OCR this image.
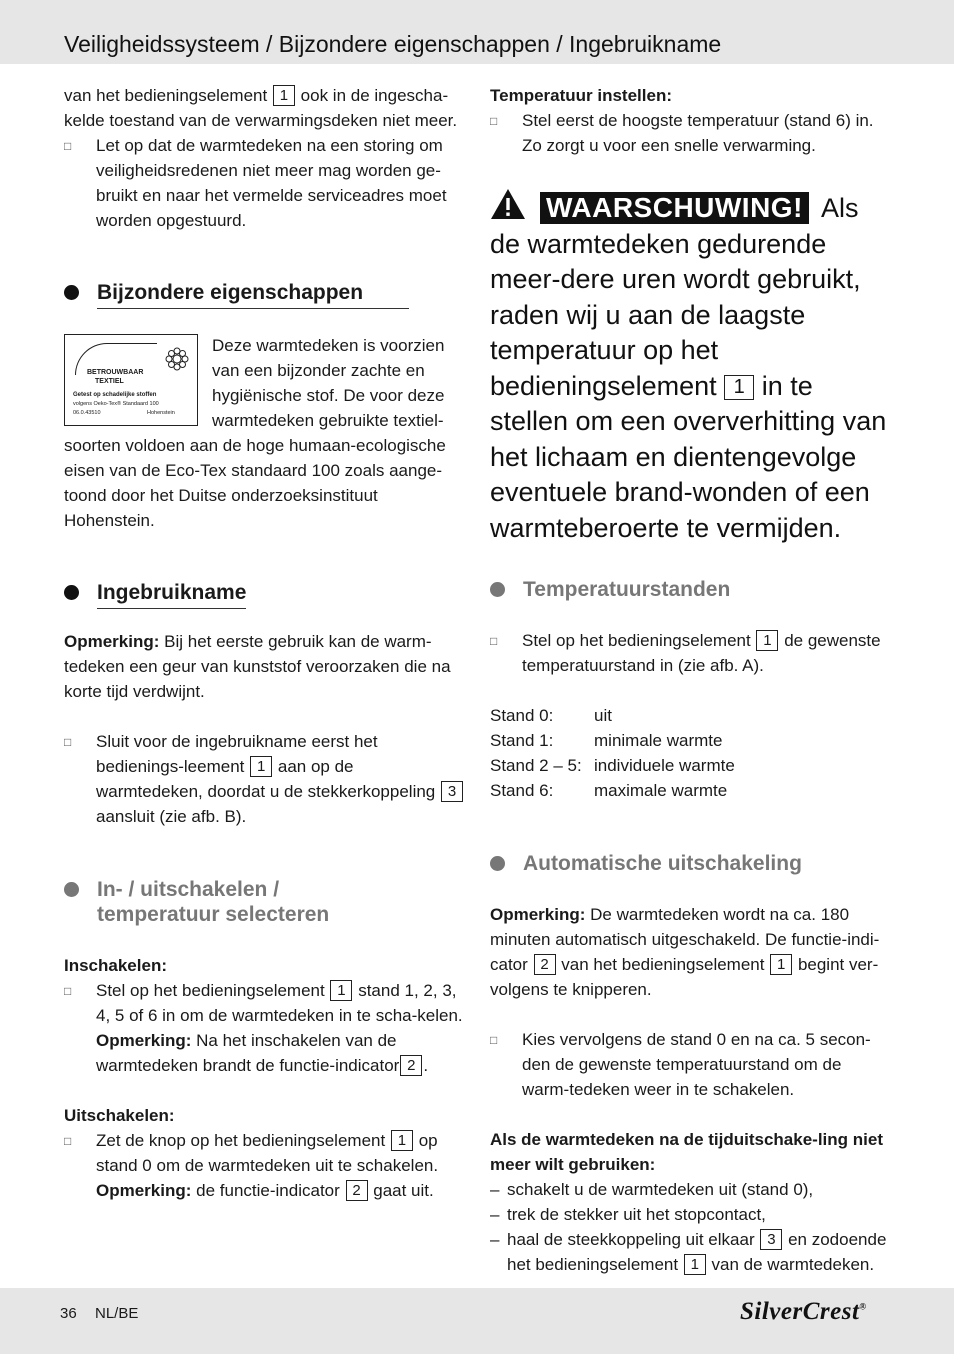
Veiligheidssysteem / Bijzondere eigenschappen / Ingebruikname

van het bedieningselement 1 ook in de ingescha-kelde toestand van de verwarmingsdeken niet meer.

□	Let op dat de warmtedeken na een storing om veiligheidsredenen niet meer mag worden ge-bruikt en naar het vermelde serviceadres moet worden opgestuurd.
Bijzondere eigenschappen
BETROUWBAAR
TEXTIEL
Getest op schadelijke stoffen
volgens Oeko-Tex® Standaard 100
06.0.43510	Hohenstein

Deze warmtedeken is voorzien van een bijzonder zachte en hygiënische stof. De voor deze warmtedeken gebruikte textiel-

soorten voldoen aan de hoge humaan-ecologische eisen van de Eco-Tex standaard 100 zoals aange-toond door het Duitse onderzoeksinstituut Hohenstein.

Ingebruikname

Opmerking: Bij het eerste gebruik kan de warm-tedeken een geur van kunststof veroorzaken die na korte tijd verdwijnt.

□	Sluit voor de ingebruikname eerst het bedienings-leement 1 aan op de warmtedeken, doordat u de stekkerkoppeling 3 aansluit (zie afb. B).
In- / uitschakelen /
temperatuur selecteren

Inschakelen:

□	Stel op het bedieningselement 1 stand 1, 2, 3, 4, 5 of 6 in om de warmtedeken in te scha-kelen.
Opmerking: Na het inschakelen van de warmtedeken brandt de functie-indicator 2 .

Uitschakelen:

□	Zet de knop op het bedieningselement 1 op stand 0 om de warmtedeken uit te schakelen.
Opmerking: de functie-indicator 2 gaat uit.

Temperatuur instellen:

□	Stel eerst de hoogste temperatuur (stand 6) in. Zo zorgt u voor een snelle verwarming.
WAARSCHUWING! Als de warmtedeken gedurende meer-dere uren wordt gebruikt, raden wij u aan de laagste temperatuur op het bedieningselement 1 in te stellen om een oververhitting van het lichaam en dientengevolge eventuele brand-wonden of een warmteberoerte te vermijden.
Temperatuurstanden
□	Stel op het bedieningselement 1 de gewenste temperatuurstand in (zie afb. A).
Stand 0:	uit
Stand 1:	minimale warmte
Stand 2 – 5: individuele warmte
Stand 6:	maximale warmte
Automatische uitschakeling

Opmerking: De warmtedeken wordt na ca. 180 minuten automatisch uitgeschakeld. De functie-indi-cator 2 van het bedieningselement 1 begint ver-volgens te knipperen.

□	Kies vervolgens de stand 0 en na ca. 5 secon-den de gewenste temperatuurstand om de warm-tedeken weer in te schakelen.

Als de warmtedeken na de tijduitschake-ling niet meer wilt gebruiken:

– schakelt u de warmtedeken uit (stand 0),
– trek de stekker uit het stopcontact,
– haal de steekkoppeling uit elkaar 3 en zodoende het bedieningselement 1 van de warmtedeken.
36 NL/BE	SilverCrest®
